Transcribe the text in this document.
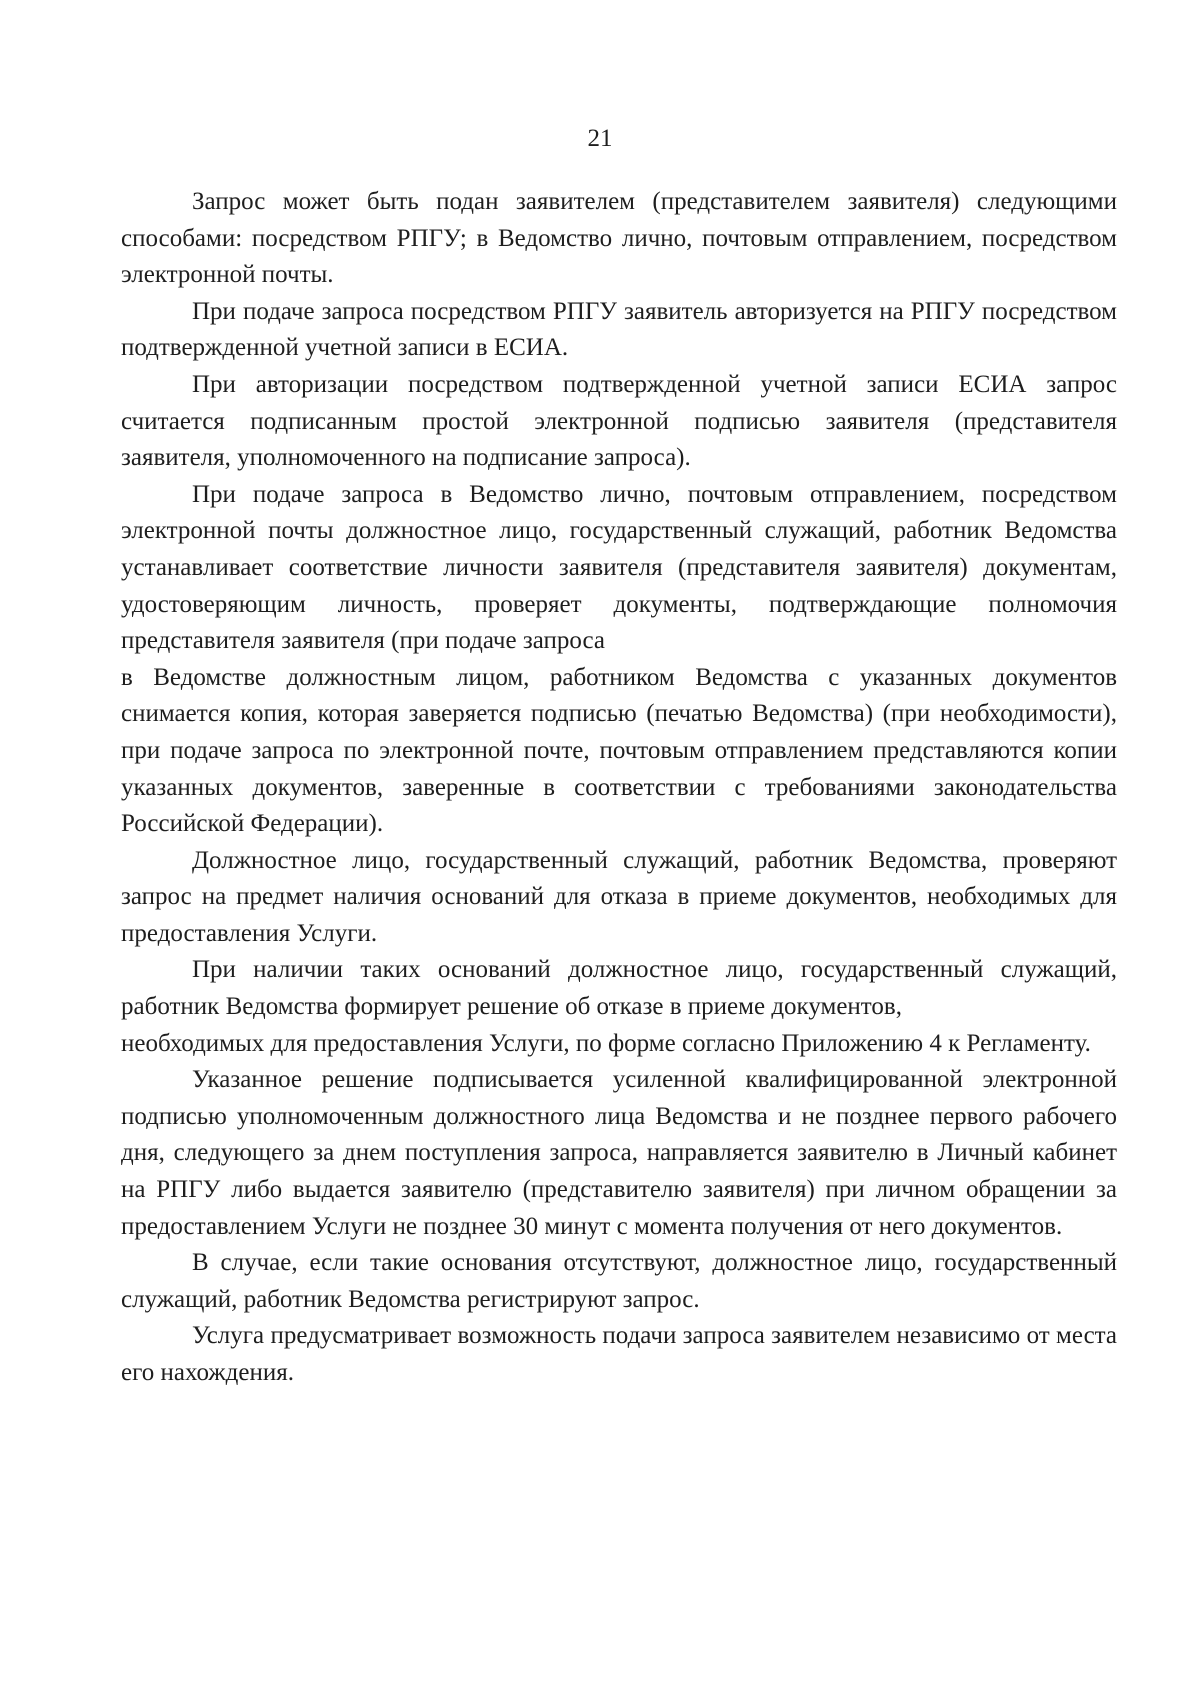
21

Запрос может быть подан заявителем (представителем заявителя) следующими способами: посредством РПГУ; в Ведомство лично, почтовым отправлением, посредством электронной почты.

При подаче запроса посредством РПГУ заявитель авторизуется на РПГУ посредством подтвержденной учетной записи в ЕСИА.

При авторизации посредством подтвержденной учетной записи ЕСИА запрос считается подписанным простой электронной подписью заявителя (представителя заявителя, уполномоченного на подписание запроса).

При подаче запроса в Ведомство лично, почтовым отправлением, посредством электронной почты должностное лицо, государственный служащий, работник Ведомства устанавливает соответствие личности заявителя (представителя заявителя) документам, удостоверяющим личность, проверяет документы, подтверждающие полномочия представителя заявителя (при подаче запроса

в Ведомстве должностным лицом, работником Ведомства с указанных документов снимается копия, которая заверяется подписью (печатью Ведомства) (при необходимости), при подаче запроса по электронной почте, почтовым отправлением представляются копии указанных документов, заверенные в соответствии с требованиями законодательства Российской Федерации).

Должностное лицо, государственный служащий, работник Ведомства, проверяют запрос на предмет наличия оснований для отказа в приеме документов, необходимых для предоставления Услуги.

При наличии таких оснований должностное лицо, государственный служащий, работник Ведомства формирует решение об отказе в приеме документов,

необходимых для предоставления Услуги, по форме согласно Приложению 4 к Регламенту.

Указанное решение подписывается усиленной квалифицированной электронной подписью уполномоченным должностного лица Ведомства и не позднее первого рабочего дня, следующего за днем поступления запроса, направляется заявителю в Личный кабинет на РПГУ либо выдается заявителю (представителю заявителя) при личном обращении за предоставлением Услуги не позднее 30 минут с момента получения от него документов.

В случае, если такие основания отсутствуют, должностное лицо, государственный служащий, работник Ведомства регистрируют запрос.

Услуга предусматривает возможность подачи запроса заявителем независимо от места его нахождения.
